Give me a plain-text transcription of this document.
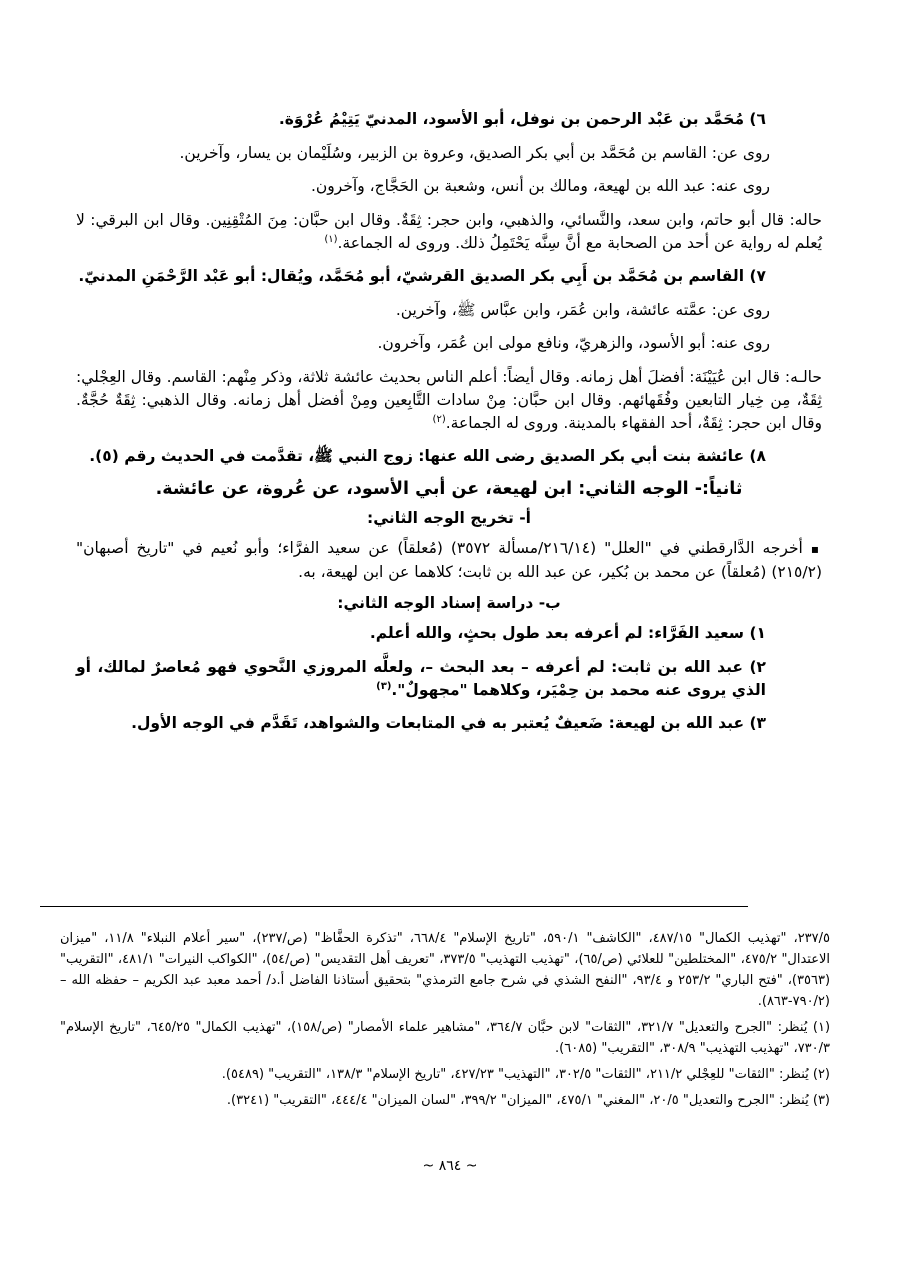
٦) مُحَمَّد بن عَبْد الرحمن بن نوفل، أبو الأسود، المدنيّ يَتِيْمُ عُرْوَة.

روى عن: القاسم بن مُحَمَّد بن أبي بكر الصديق، وعروة بن الزبير، وسُلَيْمان بن يسار، وآخرين.

روى عنه: عبد الله بن لهيعة، ومالك بن أنس، وشعبة بن الحَجَّاج، وآخرون.

حاله: قال أبو حاتم، وابن سعد، والنَّسائي، والذهبي، وابن حجر: ثِقَةٌ. وقال ابن حبَّان: مِنَ المُتْقِنِين. وقال ابن البرقي: لا يُعلم له رواية عن أحد من الصحابة مع أنَّ سِنَّه يَحْتَمِلُ ذلك. وروى له الجماعة.$^{(١)}$

٧) القاسم بن مُحَمَّد بن أَبِي بكر الصديق القرشيّ، أبو مُحَمَّد، ويُقال: أبو عَبْد الرَّحْمَنِ المدنيّ.

روى عن: عمَّته عائشة، وابن عُمَر، وابن عبَّاس ﷺ، وآخرين.

روى عنه: أبو الأسود، والزهريّ، ونافع مولى ابن عُمَر، وآخرون.

حالـه: قال ابن عُيَيْنَة: أفضلَ أهل زمانه. وقال أيضاً: أعلم الناس بحديث عائشة ثلاثة، وذكر مِنْهم: القاسم. وقال العِجْلي: ثِقَةٌ، مِن خِيار التابعين وفُقَهائهم. وقال ابن حبَّان: مِنْ سادات التَّابِعين ومِنْ أفضل أهل زمانه. وقال الذهبي: ثِقَةٌ حُجَّةٌ. وقال ابن حجر: ثِقَةٌ، أحد الفقهاء بالمدينة. وروى له الجماعة.$^{(٢)}$

٨) عائشة بنت أبي بكر الصديق رضى الله عنها: زوج النبي ﷺ، تقدَّمت في الحديث رقم (٥).

ثانياً:- الوجه الثاني: ابن لهيعة، عن أبي الأسود، عن عُروة، عن عائشة.

أ- تخريج الوجه الثاني:

▪ أخرجه الدَّارقطني في "العلل" (٢١٦/١٤/مسألة ٣٥٧٢) (مُعلقاً) عن سعيد الفرَّاء؛ وأبو نُعيم في "تاريخ أصبهان" (٢١٥/٢) (مُعلقاً) عن محمد بن بُكير، عن عبد الله بن ثابت؛ كلاهما عن ابن لهيعة، به.

ب- دراسة إسناد الوجه الثاني:

١) سعيد الفَرَّاء: لم أعرفه بعد طول بحثٍ، والله أعلم.

٢) عبد الله بن ثابت: لم أعرفه – بعد البحث –، ولعلَّه المروزي النَّحوي فهو مُعاصرٌ لمالك، أو الذي يروى عنه محمد بن حِمْيَر، وكلاهما "مجهولٌ".$^{(٣)}$

٣) عبد الله بن لهيعة: ضَعيفٌ يُعتبر به في المتابعات والشواهد، تَقَدَّم في الوجه الأول.

٢٣٧/٥، "تهذيب الكمال" ٤٨٧/١٥، "الكاشف" ٥٩٠/١، "تاريخ الإسلام" ٦٦٨/٤، "تذكرة الحفَّاظ" (ص/٢٣٧)، "سير أعلام النبلاء" ١١/٨، "ميزان الاعتدال" ٤٧٥/٢، "المختلطين" للعلائي (ص/٦٥)، "تهذيب التهذيب" ٣٧٣/٥، "تعريف أهل التقديس" (ص/٥٤)، "الكواكب النيرات" ٤٨١/١، "التقريب" (٣٥٦٣)، "فتح الباري" ٢٥٣/٢ و ٩٣/٤، "النفح الشذي في شرح جامع الترمذي" بتحقيق أستاذنا الفاضل أ.د/ أحمد معبد عبد الكريم – حفظه الله – (٧٩٠/٢-٨٦٣).

(١) يُنظر: "الجرح والتعديل" ٣٢١/٧، "الثقات" لابن حبَّان ٣٦٤/٧، "مشاهير علماء الأمصار" (ص/١٥٨)، "تهذيب الكمال" ٦٤٥/٢٥، "تاريخ الإسلام" ٧٣٠/٣، "تهذيب التهذيب" ٣٠٨/٩، "التقريب" (٦٠٨٥).

(٢) يُنظر: "الثقات" للعِجْلي ٢١١/٢، "الثقات" ٣٠٢/٥، "التهذيب" ٤٢٧/٢٣، "تاريخ الإسلام" ١٣٨/٣، "التقريب" (٥٤٨٩).

(٣) يُنظر: "الجرح والتعديل" ٢٠/٥، "المغني" ٤٧٥/١، "الميزان" ٣٩٩/٢، "لسان الميزان" ٤٤٤/٤، "التقريب" (٣٢٤١).

~ ٨٦٤ ~
